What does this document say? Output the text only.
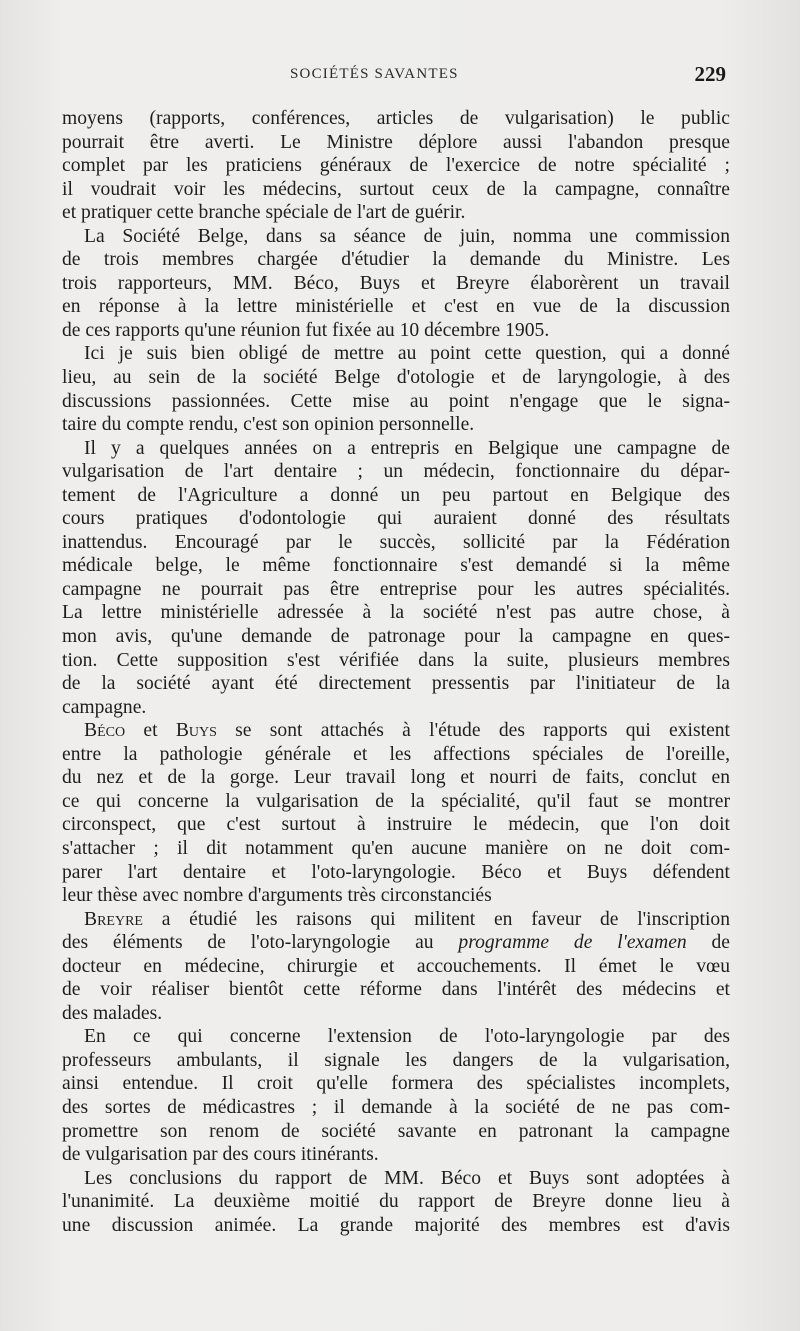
SOCIÉTÉS SAVANTES	229
moyens (rapports, conférences, articles de vulgarisation) le public
pourrait être averti. Le Ministre déplore aussi l'abandon presque
complet par les praticiens généraux de l'exercice de notre spécialité ;
il voudrait voir les médecins, surtout ceux de la campagne, connaître
et pratiquer cette branche spéciale de l'art de guérir.
La Société Belge, dans sa séance de juin, nomma une commission
de trois membres chargée d'étudier la demande du Ministre. Les
trois rapporteurs, MM. Béco, Buys et Breyre élaborèrent un travail
en réponse à la lettre ministérielle et c'est en vue de la discussion
de ces rapports qu'une réunion fut fixée au 10 décembre 1905.
Ici je suis bien obligé de mettre au point cette question, qui a donné
lieu, au sein de la société Belge d'otologie et de laryngologie, à des
discussions passionnées. Cette mise au point n'engage que le signa-
taire du compte rendu, c'est son opinion personnelle.
Il y a quelques années on a entrepris en Belgique une campagne de
vulgarisation de l'art dentaire ; un médecin, fonctionnaire du dépar-
tement de l'Agriculture a donné un peu partout en Belgique des
cours pratiques d'odontologie qui auraient donné des résultats
inattendus. Encouragé par le succès, sollicité par la Fédération
médicale belge, le même fonctionnaire s'est demandé si la même
campagne ne pourrait pas être entreprise pour les autres spécialités.
La lettre ministérielle adressée à la société n'est pas autre chose, à
mon avis, qu'une demande de patronage pour la campagne en ques-
tion. Cette supposition s'est vérifiée dans la suite, plusieurs membres
de la société ayant été directement pressentis par l'initiateur de la
campagne.
Béco et Buys se sont attachés à l'étude des rapports qui existent
entre la pathologie générale et les affections spéciales de l'oreille,
du nez et de la gorge. Leur travail long et nourri de faits, conclut en
ce qui concerne la vulgarisation de la spécialité, qu'il faut se montrer
circonspect, que c'est surtout à instruire le médecin, que l'on doit
s'attacher ; il dit notamment qu'en aucune manière on ne doit com-
parer l'art dentaire et l'oto-laryngologie. Béco et Buys défendent
leur thèse avec nombre d'arguments très circonstanciés
Breyre a étudié les raisons qui militent en faveur de l'inscription
des éléments de l'oto-laryngologie au programme de l'examen de
docteur en médecine, chirurgie et accouchements. Il émet le vœu
de voir réaliser bientôt cette réforme dans l'intérêt des médecins et
des malades.
En ce qui concerne l'extension de l'oto-laryngologie par des
professeurs ambulants, il signale les dangers de la vulgarisation,
ainsi entendue. Il croit qu'elle formera des spécialistes incomplets,
des sortes de médicastres ; il demande à la société de ne pas com-
promettre son renom de société savante en patronant la campagne
de vulgarisation par des cours itinérants.
Les conclusions du rapport de MM. Béco et Buys sont adoptées à
l'unanimité. La deuxième moitié du rapport de Breyre donne lieu à
une discussion animée. La grande majorité des membres est d'avis
